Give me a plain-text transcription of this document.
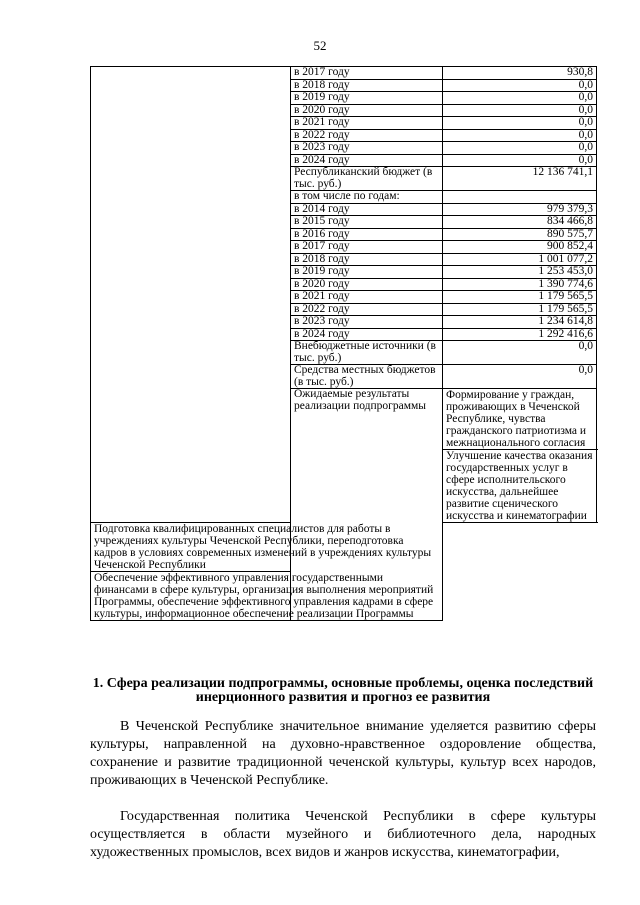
52
	в 2017 году	930,8
	в 2018 году	0,0
	в 2019 году	0,0
	в 2020 году	0,0
	в 2021 году	0,0
	в 2022 году	0,0
	в 2023 году	0,0
	в 2024 году	0,0
	Республиканский бюджет (в тыс. руб.)	12 136 741,1
	в том числе по годам:	
	в 2014 году	979 379,3
	в 2015 году	834 466,8
	в 2016 году	890 575,7
	в 2017 году	900 852,4
	в 2018 году	1 001 077,2
	в 2019 году	1 253 453,0
	в 2020 году	1 390 774,6
	в 2021 году	1 179 565,5
	в 2022 году	1 179 565,5
	в 2023 году	1 234 614,8
	в 2024 году	1 292 416,6
	Внебюджетные источники (в тыс. руб.)	0,0
	Средства местных бюджетов (в тыс. руб.)	0,0
	Ожидаемые результаты реализации подпрограммы	Формирование у граждан, проживающих в Чеченской Республике, чувства гражданского патриотизма и межнационального согласия
		Улучшение качества оказания государственных услуг в сфере исполнительского искусства, дальнейшее развитие сценического искусства и кинематографии
Подготовка квалифицированных специалистов для работы в учреждениях культуры Чеченской Республики, переподготовка кадров в условиях современных изменений в учреждениях культуры Чеченской Республики		
Обеспечение эффективного управления государственными финансами в сфере культуры, организация выполнения мероприятий Программы, обеспечение эффективного управления кадрами в сфере культуры, информационное обеспечение реализации Программы		
1. Сфера реализации подпрограммы, основные проблемы, оценка последствий инерционного развития и прогноз ее развития
В Чеченской Республике значительное внимание уделяется развитию сферы культуры, направленной на духовно-нравственное оздоровление общества, сохранение и развитие традиционной чеченской культуры, культур всех народов, проживающих в Чеченской Республике.
Государственная политика Чеченской Республики в сфере культуры осуществляется в области музейного и библиотечного дела, народных художественных промыслов, всех видов и жанров искусства, кинематографии,
